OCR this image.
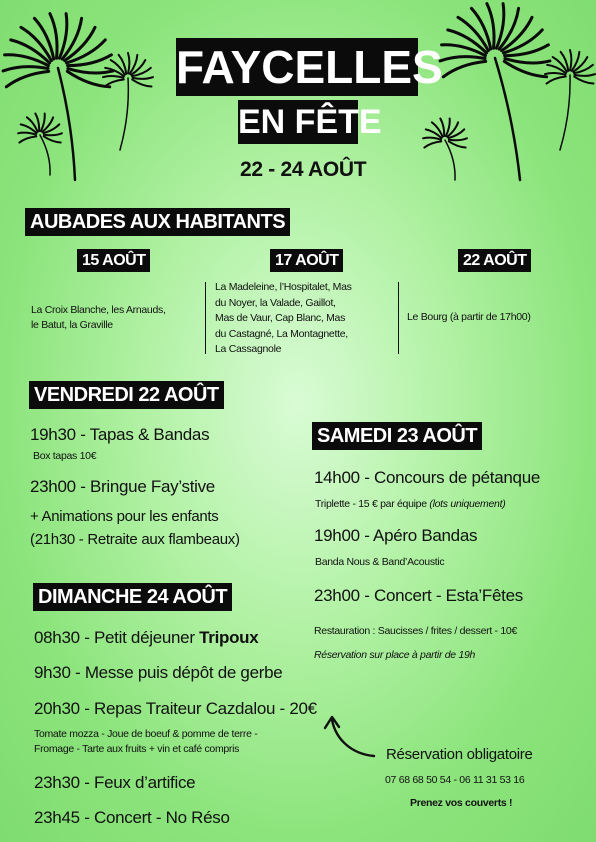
FAYCELLES
EN FÊTE
22 - 24 AOÛT
AUBADES AUX HABITANTS
15 AOÛT	17 AOÛT	22 AOÛT
La Croix Blanche, les Arnauds,
le Batut, la Graville
La Madeleine, l’Hospitalet, Mas
du Noyer, la Valade, Gaillot,
Mas de Vaur, Cap Blanc, Mas
du Castagné, La Montagnette,
La Cassagnole
Le Bourg (à partir de 17h00)
VENDREDI 22 AOÛT
19h30 - Tapas & Bandas
Box tapas 10€
23h00 - Bringue Fay’stive
+ Animations pour les enfants
(21h30 - Retraite aux flambeaux)
SAMEDI 23 AOÛT
14h00 - Concours de pétanque
Triplette - 15 € par équipe (lots uniquement)
19h00 - Apéro Bandas
Banda Nous & Band’Acoustic
23h00 - Concert - Esta’Fêtes
Restauration : Saucisses / frites / dessert - 10€
Réservation sur place à partir de 19h
DIMANCHE 24 AOÛT
08h30 - Petit déjeuner Tripoux
9h30 - Messe puis dépôt de gerbe
20h30 - Repas Traiteur Cazdalou - 20€
Tomate mozza - Joue de boeuf & pomme de terre -
Fromage - Tarte aux fruits + vin et café compris
23h30 - Feux d’artifice
23h45 - Concert - No Réso
Réservation obligatoire
07 68 68 50 54 - 06 11 31 53 16
Prenez vos couverts !
